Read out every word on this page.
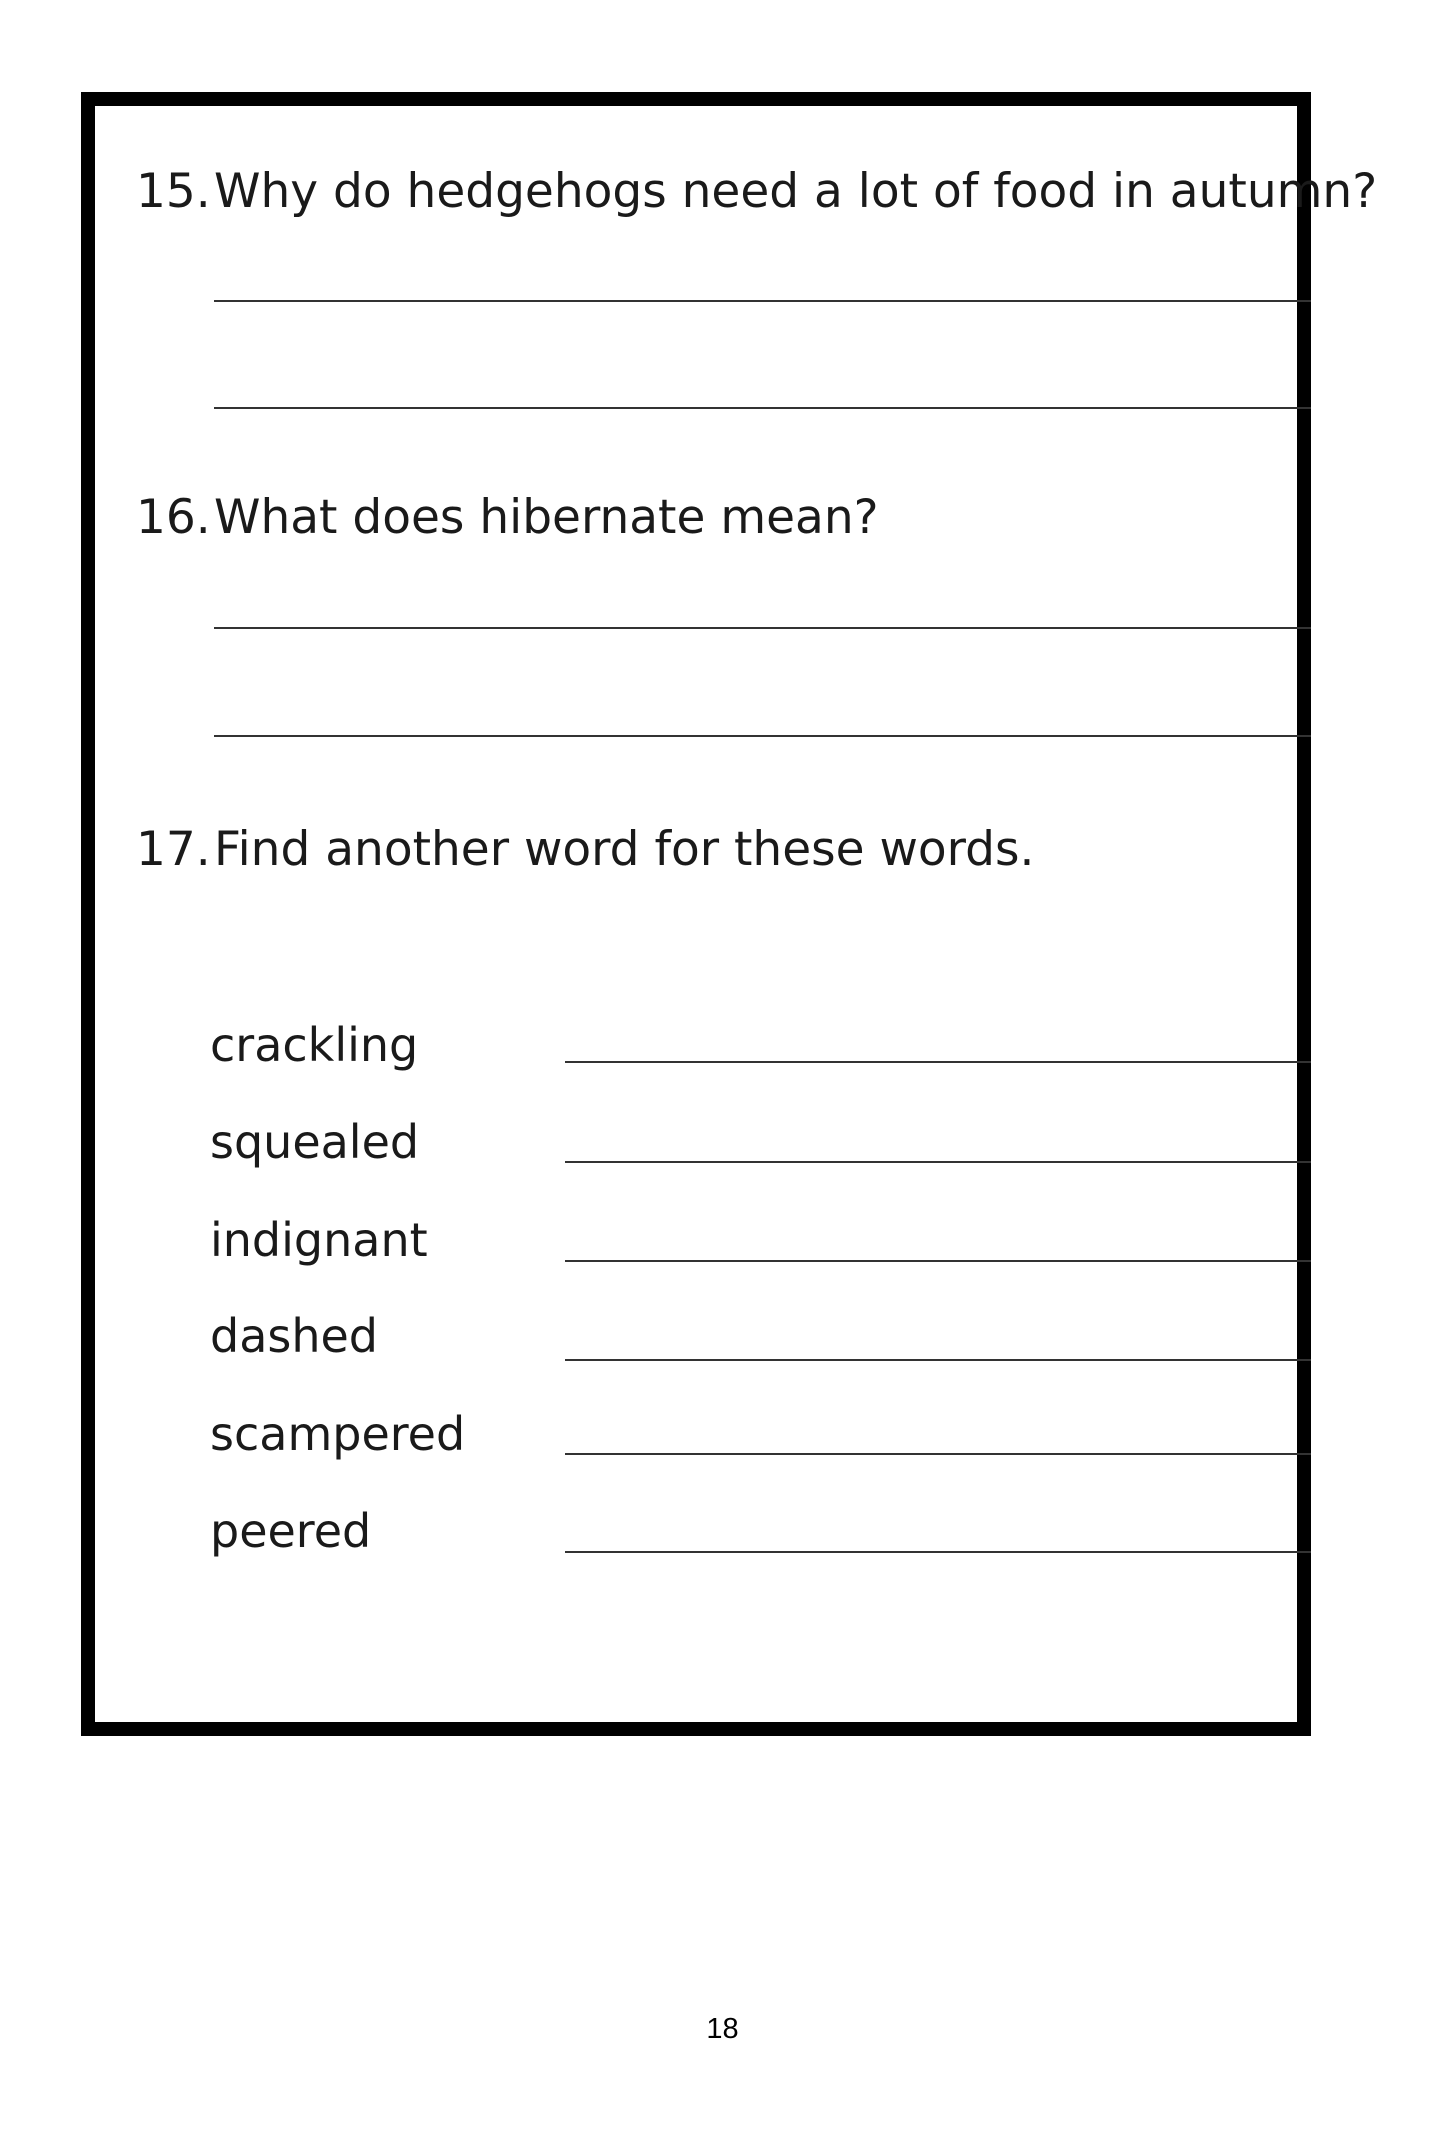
15.Why do hedgehogs need a lot of food in autumn?
16.What does hibernate mean?
17.Find another word for these words.
crackling
squealed
indignant
dashed
scampered
peered
18
